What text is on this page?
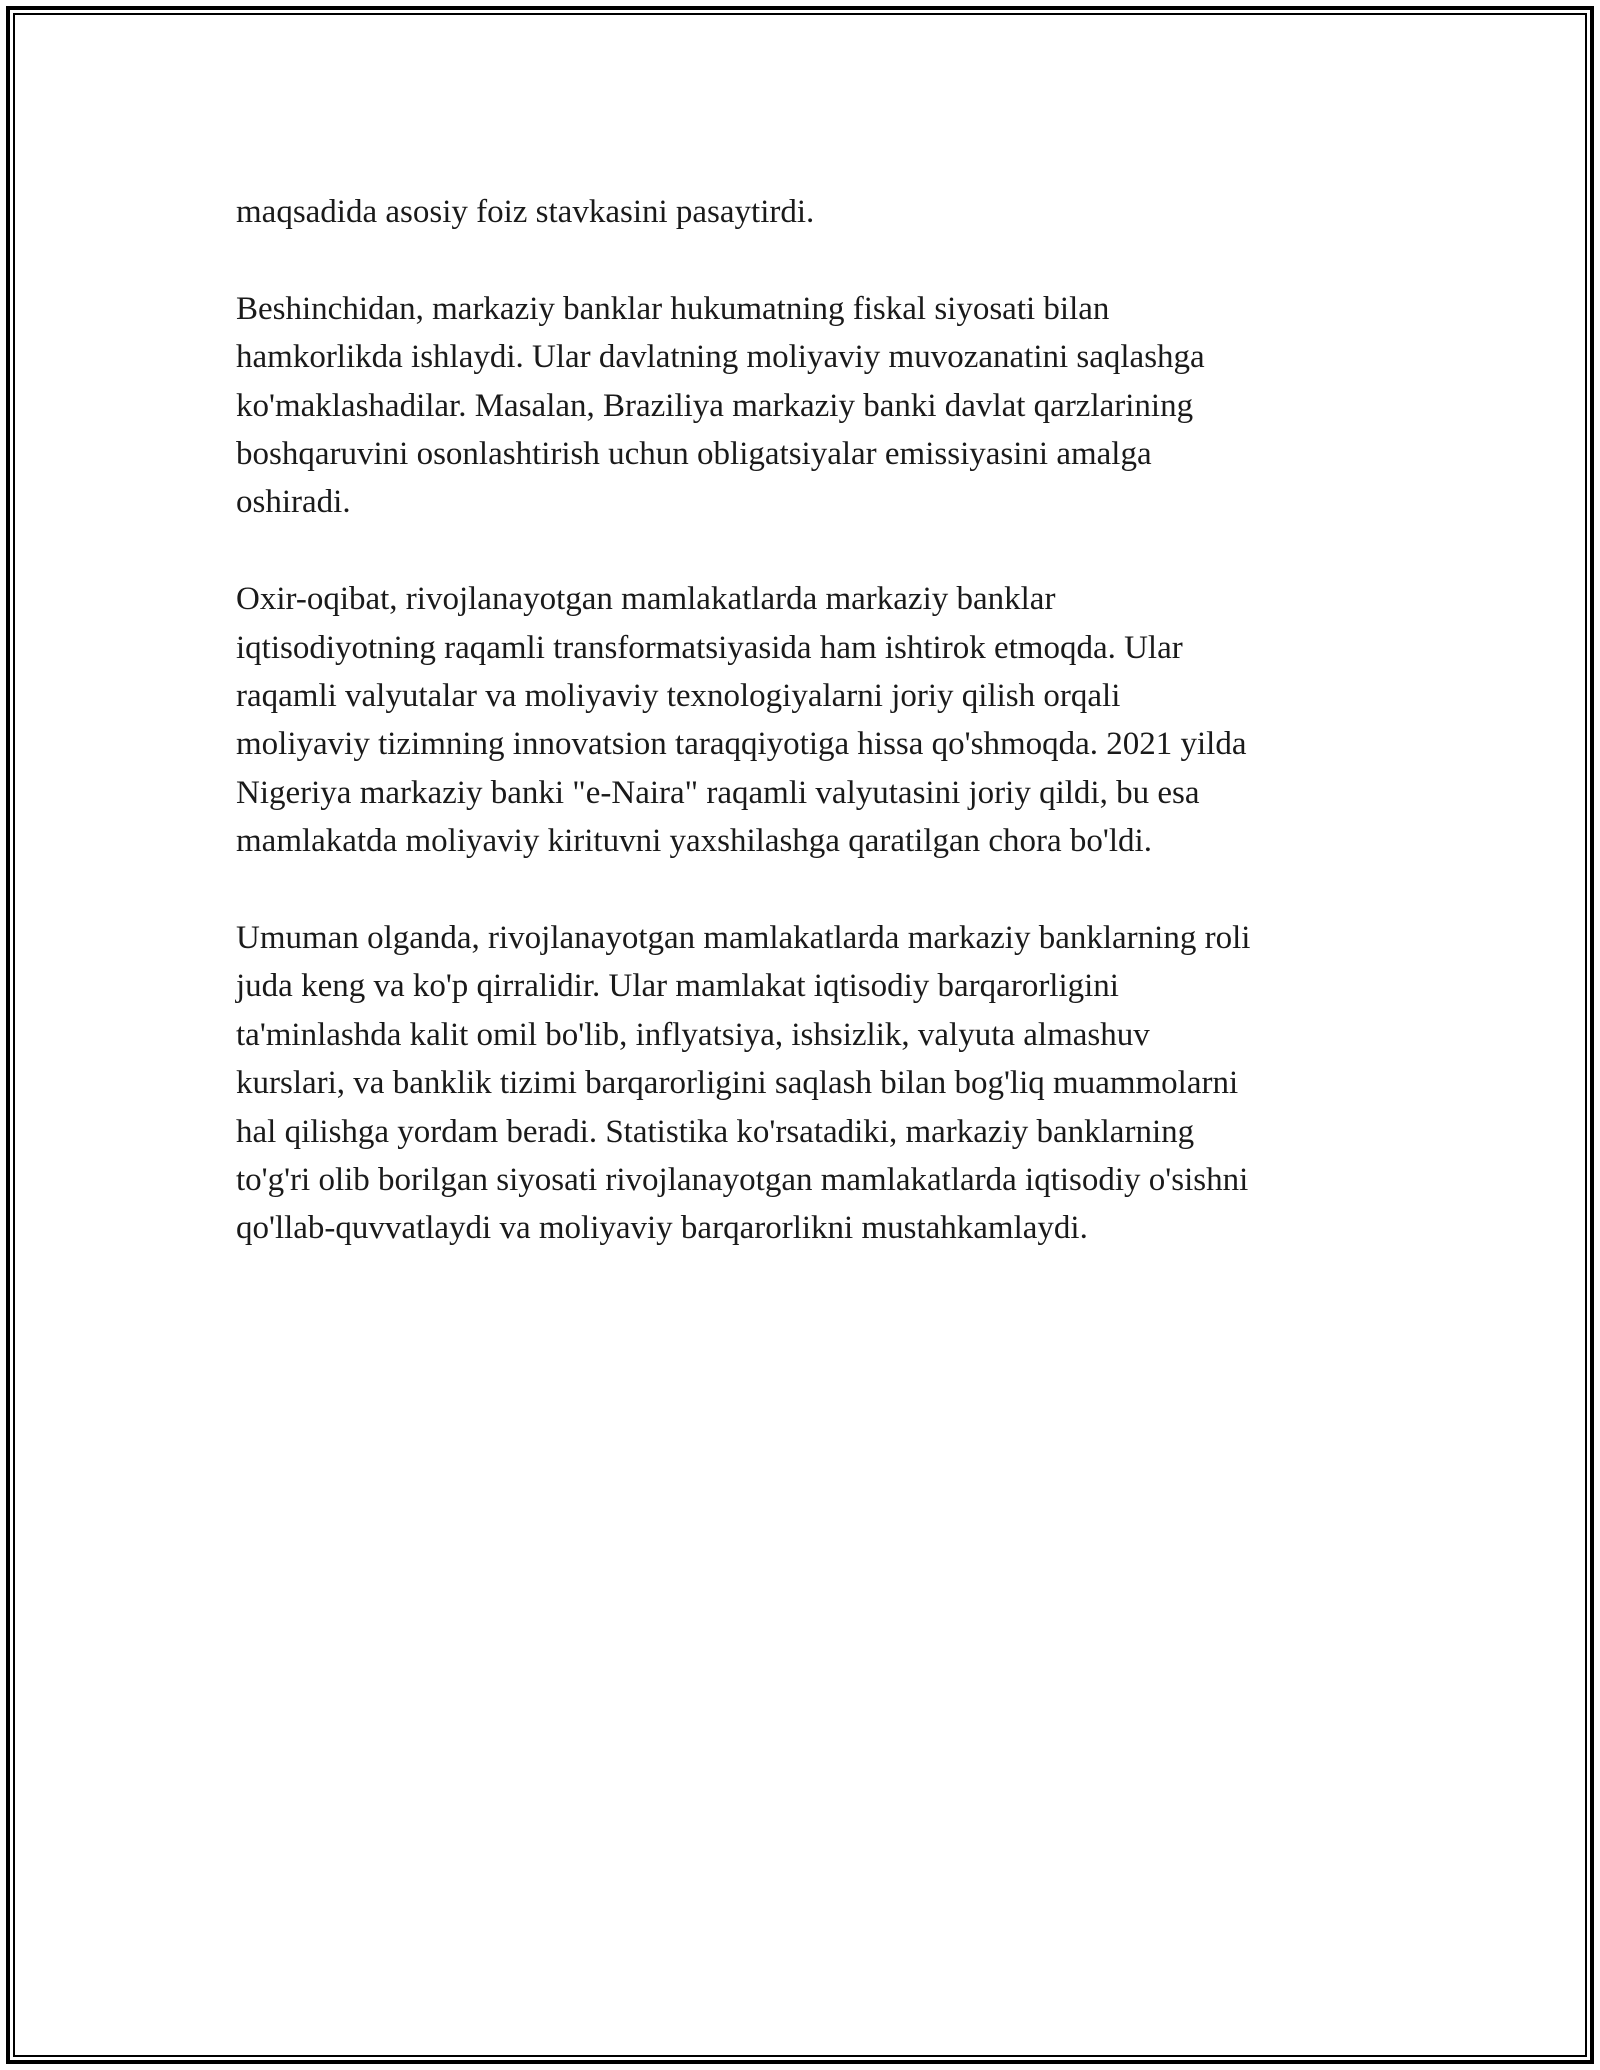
maqsadida asosiy foiz stavkasini pasaytirdi.

Beshinchidan, markaziy banklar hukumatning fiskal siyosati bilan
hamkorlikda ishlaydi. Ular davlatning moliyaviy muvozanatini saqlashga
ko'maklashadilar. Masalan, Braziliya markaziy banki davlat qarzlarining
boshqaruvini osonlashtirish uchun obligatsiyalar emissiyasini amalga
oshiradi.

Oxir-oqibat, rivojlanayotgan mamlakatlarda markaziy banklar
iqtisodiyotning raqamli transformatsiyasida ham ishtirok etmoqda. Ular
raqamli valyutalar va moliyaviy texnologiyalarni joriy qilish orqali
moliyaviy tizimning innovatsion taraqqiyotiga hissa qo'shmoqda. 2021 yilda
Nigeriya markaziy banki "e-Naira" raqamli valyutasini joriy qildi, bu esa
mamlakatda moliyaviy kirituvni yaxshilashga qaratilgan chora bo'ldi.

Umuman olganda, rivojlanayotgan mamlakatlarda markaziy banklarning roli
juda keng va ko'p qirralidir. Ular mamlakat iqtisodiy barqarorligini
ta'minlashda kalit omil bo'lib, inflyatsiya, ishsizlik, valyuta almashuv
kurslari, va banklik tizimi barqarorligini saqlash bilan bog'liq muammolarni
hal qilishga yordam beradi. Statistika ko'rsatadiki, markaziy banklarning
to'g'ri olib borilgan siyosati rivojlanayotgan mamlakatlarda iqtisodiy o'sishni
qo'llab-quvvatlaydi va moliyaviy barqarorlikni mustahkamlaydi.
